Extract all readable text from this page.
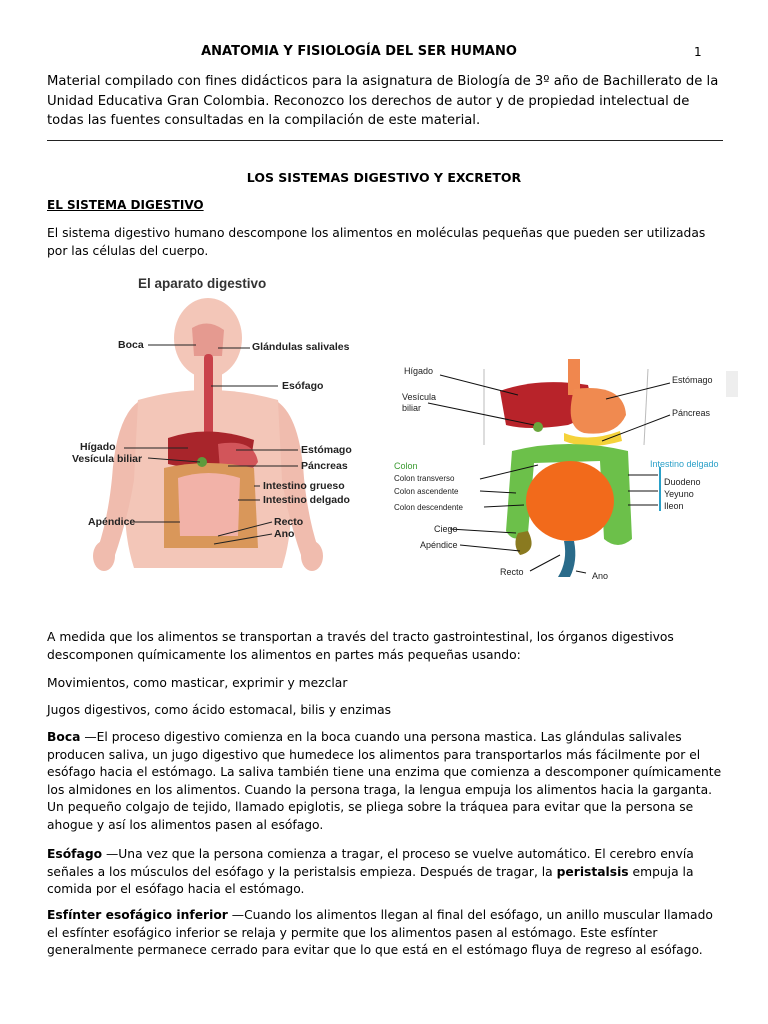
ANATOMIA Y FISIOLOGÍA DEL SER HUMANO	1
Material compilado con fines didácticos para la asignatura de Biología de 3º año de Bachillerato de la Unidad Educativa Gran Colombia. Reconozco los derechos de autor y de propiedad intelectual de todas las fuentes consultadas en la compilación de este material.
LOS SISTEMAS DIGESTIVO Y EXCRETOR
EL SISTEMA DIGESTIVO
El sistema digestivo humano descompone los alimentos en moléculas pequeñas que pueden ser utilizadas por las células del cuerpo.
El aparato digestivo
Boca	Glándulas salivales
Esófago
Hígado
Vesícula biliar
Estómago
Páncreas
Intestino grueso
Intestino delgado
Apéndice	Recto
Ano
Hígado
Vesícula
biliar
Estómago
Páncreas
Colon
Colon transverso
Colon ascendente
Colon descendente
Ciego
Apéndice
Recto	Ano
Intestino delgado
Duodeno
Yeyuno
Ileon
A medida que los alimentos se transportan a través del tracto gastrointestinal, los órganos digestivos descomponen químicamente los alimentos en partes más pequeñas usando:
Movimientos, como masticar, exprimir y mezclar
Jugos digestivos, como ácido estomacal, bilis y enzimas
Boca —El proceso digestivo comienza en la boca cuando una persona mastica. Las glándulas salivales producen saliva, un jugo digestivo que humedece los alimentos para transportarlos más fácilmente por el esófago hacia el estómago. La saliva también tiene una enzima que comienza a descomponer químicamente los almidones en los alimentos. Cuando la persona traga, la lengua empuja los alimentos hacia la garganta. Un pequeño colgajo de tejido, llamado epiglotis, se pliega sobre la tráquea para evitar que la persona se ahogue y así los alimentos pasen al esófago.
Esófago —Una vez que la persona comienza a tragar, el proceso se vuelve automático. El cerebro envía señales a los músculos del esófago y la peristalsis empieza. Después de tragar, la peristalsis empuja la comida por el esófago hacia el estómago.
Esfínter esofágico inferior —Cuando los alimentos llegan al final del esófago, un anillo muscular llamado el esfínter esofágico inferior se relaja y permite que los alimentos pasen al estómago. Este esfínter generalmente permanece cerrado para evitar que lo que está en el estómago fluya de regreso al esófago.
